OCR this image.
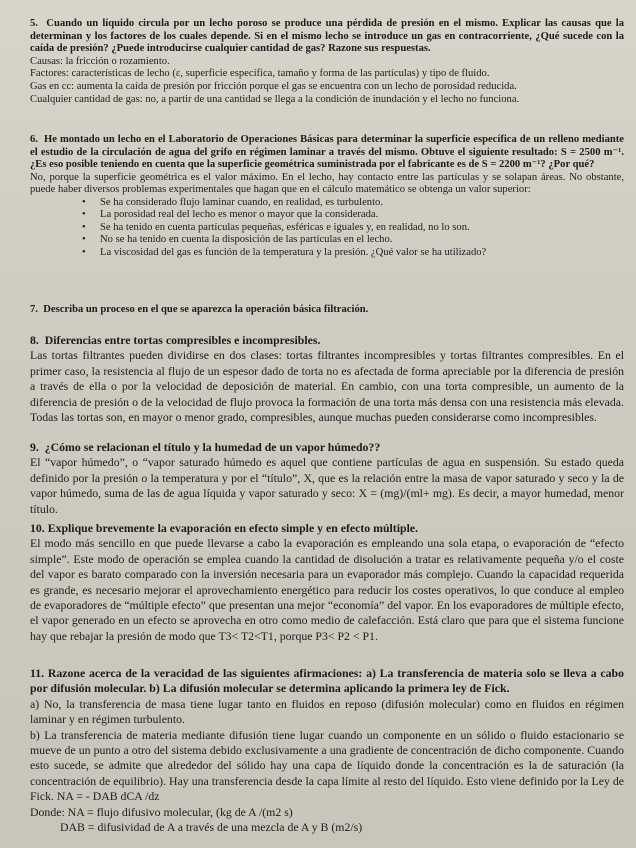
5.  Cuando un líquido circula por un lecho poroso se produce una pérdida de presión en el mismo. Explicar las causas que la determinan y los factores de los cuales depende. Si en el mismo lecho se introduce un gas en contracorriente, ¿Qué sucede con la caída de presión? ¿Puede introducirse cualquier cantidad de gas? Razone sus respuestas.

Causas: la fricción o rozamiento.

Factores: características de lecho (ε, superficie específica, tamaño y forma de las partículas) y tipo de fluido.

Gas en cc: aumenta la caída de presión por fricción porque el gas se encuentra con un lecho de porosidad reducida.

Cualquier cantidad de gas: no, a partir de una cantidad se llega a la condición de inundación y el lecho no funciona.

6.  He montado un lecho en el Laboratorio de Operaciones Básicas para determinar la superficie específica de un relleno mediante el estudio de la circulación de agua del grifo en régimen laminar a través del mismo. Obtuve el siguiente resultado: S = 2500 m⁻¹. ¿Es eso posible teniendo en cuenta que la superficie geométrica suministrada por el fabricante es de S = 2200 m⁻¹? ¿Por qué?

No, porque la superficie geométrica es el valor máximo. En el lecho, hay contacto entre las partículas y se solapan áreas. No obstante, puede haber diversos problemas experimentales que hagan que en el cálculo matemático se obtenga un valor superior:

• Se ha considerado flujo laminar cuando, en realidad, es turbulento.
• La porosidad real del lecho es menor o mayor que la considerada.
• Se ha tenido en cuenta partículas pequeñas, esféricas e iguales y, en realidad, no lo son.
• No se ha tenido en cuenta la disposición de las partículas en el lecho.
• La viscosidad del gas es función de la temperatura y la presión. ¿Qué valor se ha utilizado?

7.  Describa un proceso en el que se aparezca la operación básica filtración.

8.  Diferencias entre tortas compresibles e incompresibles.

Las tortas filtrantes pueden dividirse en dos clases: tortas filtrantes incompresibles y tortas filtrantes compresibles. En el primer caso, la resistencia al flujo de un espesor dado de torta no es afectada de forma apreciable por la diferencia de presión a través de ella o por la velocidad de deposición de material. En cambio, con una torta compresible, un aumento de la diferencia de presión o de la velocidad de flujo provoca la formación de una torta más densa con una resistencia más elevada. Todas las tortas son, en mayor o menor grado, compresibles, aunque muchas pueden considerarse como incompresibles.

9.  ¿Cómo se relacionan el título y la humedad de un vapor húmedo??

El “vapor húmedo”, o “vapor saturado húmedo es aquel que contiene partículas de agua en suspensión. Su estado queda definido por la presión o la temperatura y por el “título”, X, que es la relación entre la masa de vapor saturado y seco y la de vapor húmedo, suma de las de agua líquida y vapor saturado y seco: X = (mg)/(ml+ mg). Es decir, a mayor humedad, menor título.

10. Explique brevemente la evaporación en efecto simple y en efecto múltiple.

El modo más sencillo en que puede llevarse a cabo la evaporación es empleando una sola etapa, o evaporación de “efecto simple”. Este modo de operación se emplea cuando la cantidad de disolución a tratar es relativamente pequeña y/o el coste del vapor es barato comparado con la inversión necesaria para un evaporador más complejo. Cuando la capacidad requerida es grande, es necesario mejorar el aprovechamiento energético para reducir los costes operativos, lo que conduce al empleo de evaporadores de “múltiple efecto” que presentan una mejor “economía” del vapor. En los evaporadores de múltiple efecto, el vapor generado en un efecto se aprovecha en otro como medio de calefacción. Está claro que para que el sistema funcione hay que rebajar la presión de modo que T3< T2<T1, porque P3< P2 < P1.

11. Razone acerca de la veracidad de las siguientes afirmaciones: a) La transferencia de materia solo se lleva a cabo por difusión molecular. b) La difusión molecular se determina aplicando la primera ley de Fick.

a) No, la transferencia de masa tiene lugar tanto en fluidos en reposo (difusión molecular) como en fluidos en régimen laminar y en régimen turbulento.

b) La transferencia de materia mediante difusión tiene lugar cuando un componente en un sólido o fluido estacionario se mueve de un punto a otro del sistema debido exclusivamente a una gradiente de concentración de dicho componente. Cuando esto sucede, se admite que alrededor del sólido hay una capa de líquido donde la concentración es la de saturación (la concentración de equilibrio). Hay una transferencia desde la capa límite al resto del líquido. Esto viene definido por la Ley de Fick. NA = - DAB dCA /dz

Donde: NA = flujo difusivo molecular, (kg de A /(m2 s)

DAB = difusividad de A a través de una mezcla de A y B (m2/s)
